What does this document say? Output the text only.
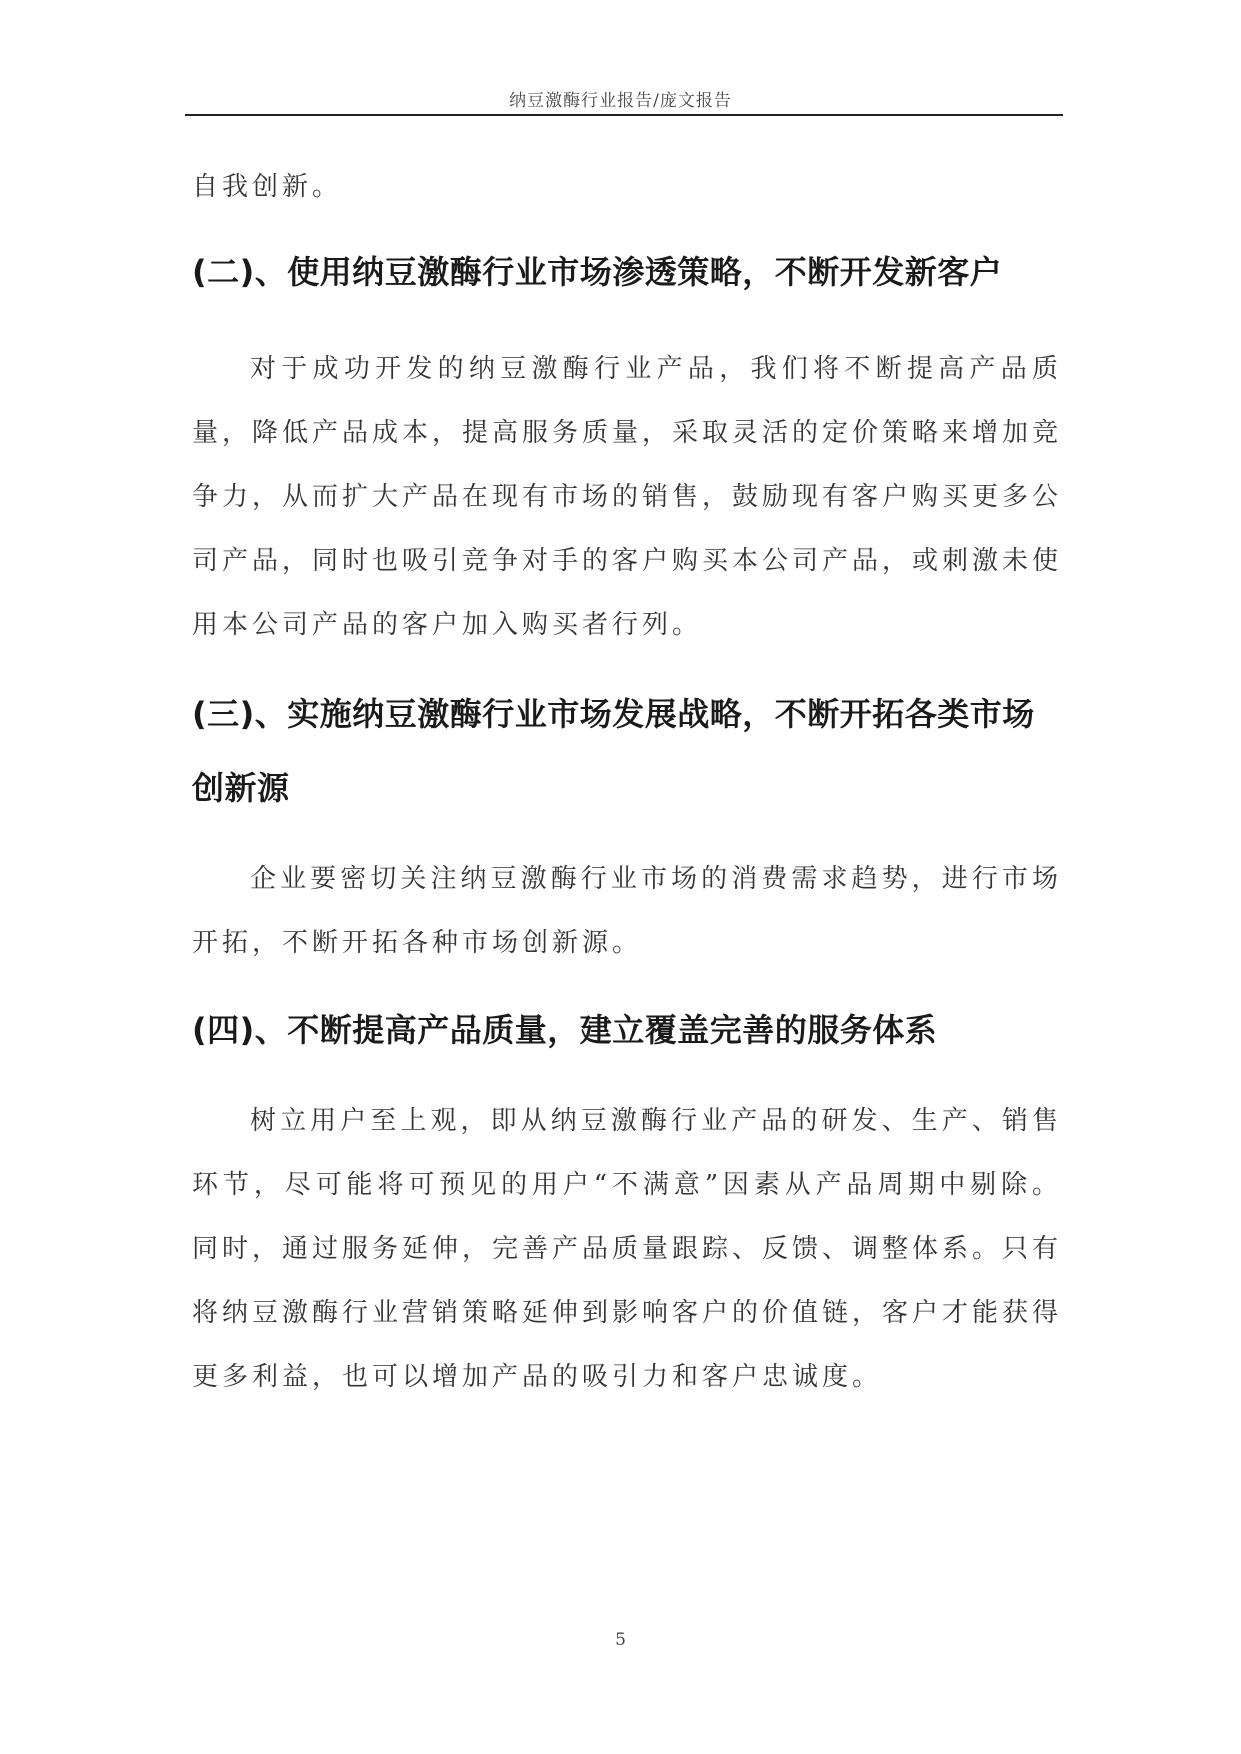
纳豆激酶行业报告/庞文报告

自我创新。

(二)、使用纳豆激酶行业市场渗透策略，不断开发新客户

对于成功开发的纳豆激酶行业产品，我们将不断提高产品质量，降低产品成本，提高服务质量，采取灵活的定价策略来增加竞争力，从而扩大产品在现有市场的销售，鼓励现有客户购买更多公司产品，同时也吸引竞争对手的客户购买本公司产品，或刺激未使用本公司产品的客户加入购买者行列。

(三)、实施纳豆激酶行业市场发展战略，不断开拓各类市场创新源

企业要密切关注纳豆激酶行业市场的消费需求趋势，进行市场开拓，不断开拓各种市场创新源。

(四)、不断提高产品质量，建立覆盖完善的服务体系

树立用户至上观，即从纳豆激酶行业产品的研发、生产、销售环节，尽可能将可预见的用户“不满意”因素从产品周期中剔除。同时，通过服务延伸，完善产品质量跟踪、反馈、调整体系。只有将纳豆激酶行业营销策略延伸到影响客户的价值链，客户才能获得更多利益，也可以增加产品的吸引力和客户忠诚度。

5
